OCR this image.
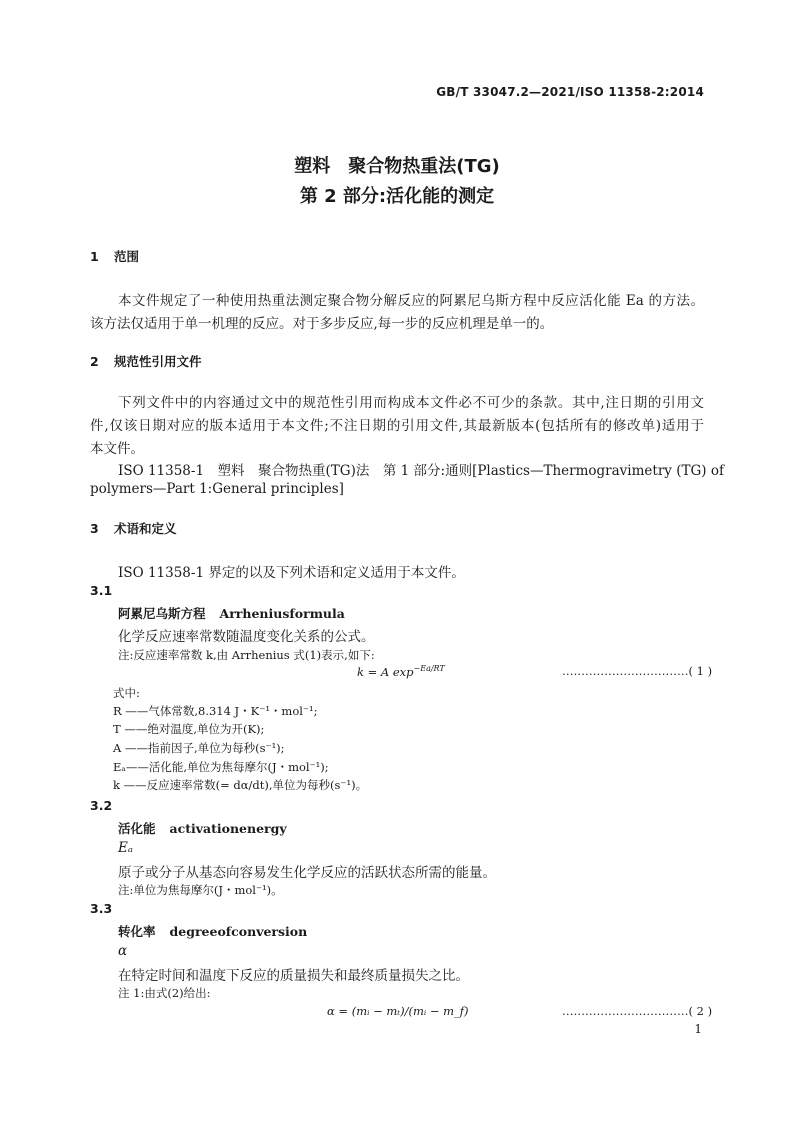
GB/T 33047.2—2021/ISO 11358-2:2014
塑料　聚合物热重法(TG)
第 2 部分:活化能的测定
1 范围
本文件规定了一种使用热重法测定聚合物分解反应的阿累尼乌斯方程中反应活化能 Ea 的方法。
该方法仅适用于单一机理的反应。对于多步反应,每一步的反应机理是单一的。
2 规范性引用文件
下列文件中的内容通过文中的规范性引用而构成本文件必不可少的条款。其中,注日期的引用文
件,仅该日期对应的版本适用于本文件;不注日期的引用文件,其最新版本(包括所有的修改单)适用于
本文件。
ISO 11358-1　塑料　聚合物热重(TG)法　第 1 部分:通则[Plastics—Thermogravimetry (TG) of
polymers—Part 1:General principles]
3 术语和定义
ISO 11358-1 界定的以及下列术语和定义适用于本文件。
3.1
阿累尼乌斯方程 Arrheniusformula
化学反应速率常数随温度变化关系的公式。
注:反应速率常数 k,由 Arrhenius 式(1)表示,如下:
k = A $\exp^{-Ea/RT}$	……………………………( 1 )
式中:
R ——气体常数,8.314 J・K⁻¹・mol⁻¹;
T ——绝对温度,单位为开(K);
A ——指前因子,单位为每秒(s⁻¹);
Eₐ——活化能,单位为焦每摩尔(J・mol⁻¹);
k ——反应速率常数(= dα/dt),单位为每秒(s⁻¹)。
3.2
活化能 activationenergy
Eₐ
原子或分子从基态向容易发生化学反应的活跃状态所需的能量。
注:单位为焦每摩尔(J・mol⁻¹)。
3.3
转化率 degreeofconversion
α
在特定时间和温度下反应的质量损失和最终质量损失之比。
注 1:由式(2)给出:
α = (mᵢ − mₜ)/(mᵢ − m_f)	……………………………( 2 )
1
